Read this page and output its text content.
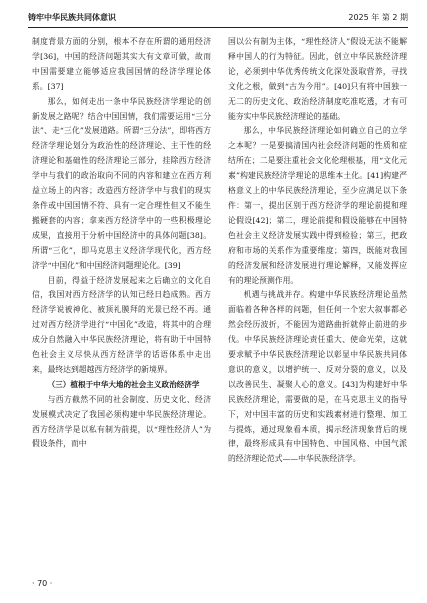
铸牢中华民族共同体意识	2025 年 第 2 期

制度背景方面的分别，根本不存在所谓的通用经济学[36]，中国的经济问题其实大有文章可做，故而中国需要建立能够适应我国国情的经济学理论体系。[37]

那么，如何走出一条中华民族经济学理论的创新发展之路呢？结合中国国情，我们需要运用“三分法”、走“三化”发展道路。所谓“三分法”，即将西方经济学理论划分为政治性的经济理论、主干性的经济理论和基础性的经济理论三部分，挂除西方经济学中与我们的政治取向不同的内容和建立在西方利益立场上的内容；改造西方经济学中与我们的现实条件或中国国情不符、具有一定合理性但又不能生搬硬套的内容；拿来西方经济学中的一些积极理论成果，直接用于分析中国经济中的具体问题[38]。所谓“三化”，即马克思主义经济学现代化，西方经济学“中国化”和中国经济问题理论化。[39]

目前，得益于经济发展起来之后确立的文化自信，我国对西方经济学的认知已经日趋成熟。西方经济学说被神化、被顶礼膜拜的光景已经不再。通过对西方经济学进行“中国化”改造，将其中的合理成分自然融入中华民族经济理论，将有助于中国特色社会主义尽快从西方经济学的话语体系中走出来，最终达到超越西方经济学的新境界。

（三）植根于中华大地的社会主义政治经济学

与西方截然不同的社会制度、历史文化、经济发展模式决定了我国必须构建中华民族经济理论。西方经济学是以私有制为前提，以“理性经济人”为假设条件，而中

国以公有制为主体，“理性经济人”假设无法不能解释中国人的行为特征。因此，创立中华民族经济理论，必须到中华优秀传统文化深处汲取营养，寻找文化之根，做到“古为今用”。[40]只有将中国独一无二的历史文化、政治经济制度吃准吃透，才有可能夯实中华民族经济理论的基础。

那么，中华民族经济理论如何确立自己的立学之本呢？一是要搞清国内社会经济问题的性质和症结所在；二是要注重社会文化伦理根基，用“文化元素”构建民族经济学理论的思维本土化。[41]构建严格意义上的中华民族经济理论，至少应满足以下条件：第一，提出区别于西方经济学的理论前提和理论假设[42]；第二，理论前提和假设能够在中国特色社会主义经济发展实践中得到检验；第三，把政府和市场的关系作为重要维度；第四，既能对我国的经济发展和经济发展进行理论解释，又能发挥应有的理论预测作用。

机遇与挑战并存。构建中华民族经济理论虽然面临着各种各样的问题，但任何一个宏大叙事都必然会经历波折，不能因为道路曲折就停止前进的步伐。中华民族经济理论责任重大、使命光荣，这就要求赋予中华民族经济理论以彰显中华民族共同体意识的意义，以增护统一、反对分裂的意义，以及以改善民生、凝聚人心的意义。[43]为构建好中华民族经济理论，需要做的是，在马克思主义的指导下，对中国丰富的历史和实践素材进行整理、加工与提炼，通过现象看本质，揭示经济现象背后的规律，最终形成具有中国特色、中国风格、中国气派的经济理论范式——中华民族经济学。

· 70 ·
